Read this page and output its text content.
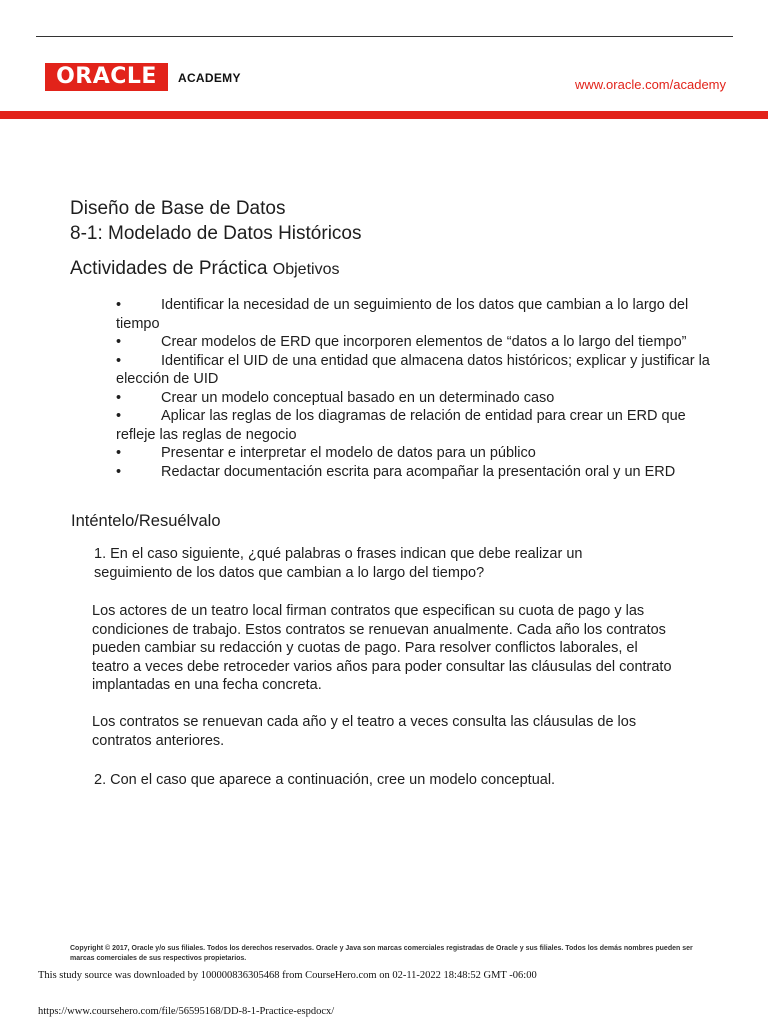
ORACLE	ACADEMY	www.oracle.com/academy
Diseño de Base de Datos
8-1: Modelado de Datos Históricos
Actividades de Práctica Objetivos
•	Identificar la necesidad de un seguimiento de los datos que cambian a lo largo del tiempo
•	Crear modelos de ERD que incorporen elementos de “datos a lo largo del tiempo”
•	Identificar el UID de una entidad que almacena datos históricos; explicar y justificar la elección de UID
•	Crear un modelo conceptual basado en un determinado caso
•	Aplicar las reglas de los diagramas de relación de entidad para crear un ERD que refleje las reglas de negocio
•	Presentar e interpretar el modelo de datos para un público
•	Redactar documentación escrita para acompañar la presentación oral y un ERD
Inténtelo/Resuélvalo
1. En el caso siguiente, ¿qué palabras o frases indican que debe realizar un seguimiento de los datos que cambian a lo largo del tiempo?
Los actores de un teatro local firman contratos que especifican su cuota de pago y las condiciones de trabajo. Estos contratos se renuevan anualmente. Cada año los contratos pueden cambiar su redacción y cuotas de pago. Para resolver conflictos laborales, el teatro a veces debe retroceder varios años para poder consultar las cláusulas del contrato implantadas en una fecha concreta.
Los contratos se renuevan cada año y el teatro a veces consulta las cláusulas de los contratos anteriores.
2. Con el caso que aparece a continuación, cree un modelo conceptual.
Copyright © 2017, Oracle y/o sus filiales. Todos los derechos reservados. Oracle y Java son marcas comerciales registradas de Oracle y sus filiales. Todos los demás nombres pueden ser marcas comerciales de sus respectivos propietarios.
This study source was downloaded by 100000836305468 from CourseHero.com on 02-11-2022 18:48:52 GMT -06:00
https://www.coursehero.com/file/56595168/DD-8-1-Practice-espdocx/
